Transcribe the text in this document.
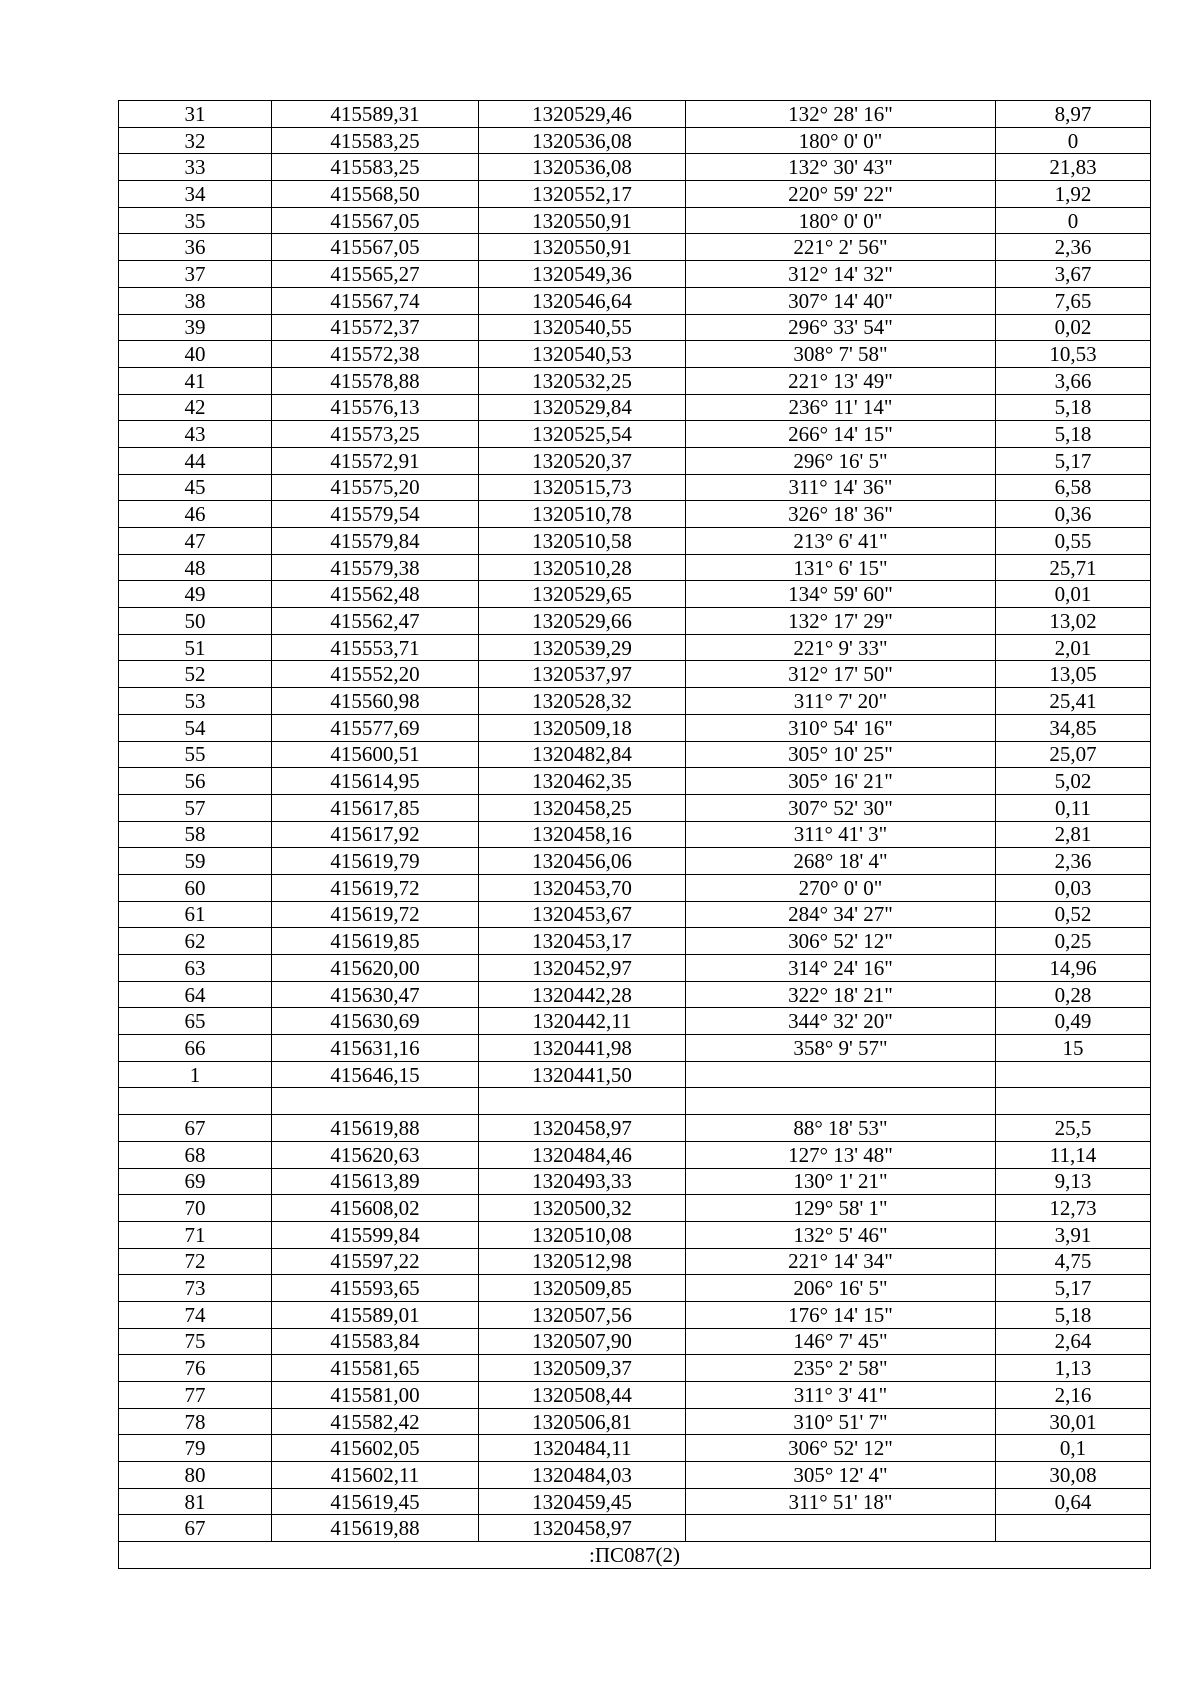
31	415589,31	1320529,46	132° 28' 16"	8,97
32	415583,25	1320536,08	180° 0' 0"	0
33	415583,25	1320536,08	132° 30' 43"	21,83
34	415568,50	1320552,17	220° 59' 22"	1,92
35	415567,05	1320550,91	180° 0' 0"	0
36	415567,05	1320550,91	221° 2' 56"	2,36
37	415565,27	1320549,36	312° 14' 32"	3,67
38	415567,74	1320546,64	307° 14' 40"	7,65
39	415572,37	1320540,55	296° 33' 54"	0,02
40	415572,38	1320540,53	308° 7' 58"	10,53
41	415578,88	1320532,25	221° 13' 49"	3,66
42	415576,13	1320529,84	236° 11' 14"	5,18
43	415573,25	1320525,54	266° 14' 15"	5,18
44	415572,91	1320520,37	296° 16' 5"	5,17
45	415575,20	1320515,73	311° 14' 36"	6,58
46	415579,54	1320510,78	326° 18' 36"	0,36
47	415579,84	1320510,58	213° 6' 41"	0,55
48	415579,38	1320510,28	131° 6' 15"	25,71
49	415562,48	1320529,65	134° 59' 60"	0,01
50	415562,47	1320529,66	132° 17' 29"	13,02
51	415553,71	1320539,29	221° 9' 33"	2,01
52	415552,20	1320537,97	312° 17' 50"	13,05
53	415560,98	1320528,32	311° 7' 20"	25,41
54	415577,69	1320509,18	310° 54' 16"	34,85
55	415600,51	1320482,84	305° 10' 25"	25,07
56	415614,95	1320462,35	305° 16' 21"	5,02
57	415617,85	1320458,25	307° 52' 30"	0,11
58	415617,92	1320458,16	311° 41' 3"	2,81
59	415619,79	1320456,06	268° 18' 4"	2,36
60	415619,72	1320453,70	270° 0' 0"	0,03
61	415619,72	1320453,67	284° 34' 27"	0,52
62	415619,85	1320453,17	306° 52' 12"	0,25
63	415620,00	1320452,97	314° 24' 16"	14,96
64	415630,47	1320442,28	322° 18' 21"	0,28
65	415630,69	1320442,11	344° 32' 20"	0,49
66	415631,16	1320441,98	358° 9' 57"	15
1	415646,15	1320441,50		

67	415619,88	1320458,97	88° 18' 53"	25,5
68	415620,63	1320484,46	127° 13' 48"	11,14
69	415613,89	1320493,33	130° 1' 21"	9,13
70	415608,02	1320500,32	129° 58' 1"	12,73
71	415599,84	1320510,08	132° 5' 46"	3,91
72	415597,22	1320512,98	221° 14' 34"	4,75
73	415593,65	1320509,85	206° 16' 5"	5,17
74	415589,01	1320507,56	176° 14' 15"	5,18
75	415583,84	1320507,90	146° 7' 45"	2,64
76	415581,65	1320509,37	235° 2' 58"	1,13
77	415581,00	1320508,44	311° 3' 41"	2,16
78	415582,42	1320506,81	310° 51' 7"	30,01
79	415602,05	1320484,11	306° 52' 12"	0,1
80	415602,11	1320484,03	305° 12' 4"	30,08
81	415619,45	1320459,45	311° 51' 18"	0,64
67	415619,88	1320458,97		
:ПС087(2)				
